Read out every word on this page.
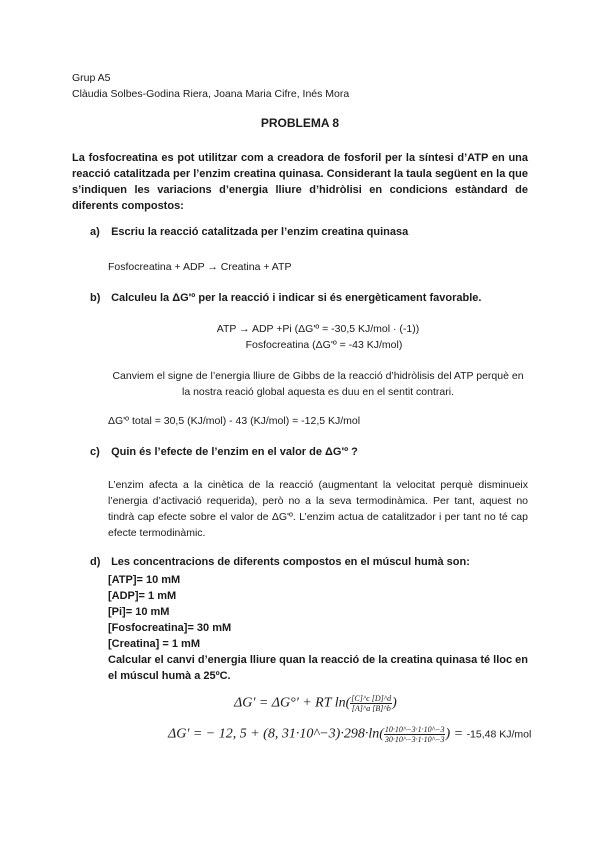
Grup A5
Clàudia Solbes-Godina Riera, Joana Maria Cifre, Inés Mora
PROBLEMA 8
La fosfocreatina es pot utilitzar com a creadora de fosforil per la síntesi d’ATP en una reacció catalitzada per l’enzim creatina quinasa. Considerant la taula següent en la que s’indiquen les variacions d’energia lliure d’hidròlisi en condicions estàndard de diferents compostos:
a) Escriu la reacció catalitzada per l’enzim creatina quinasa
Fosfocreatina + ADP → Creatina + ATP
b) Calculeu la ΔG'º per la reacció i indicar si és energèticament favorable.
ATP → ADP +Pi (ΔG'º = -30,5 KJ/mol · (-1))
Fosfocreatina (ΔG'º = -43 KJ/mol)
Canviem el signe de l’energia lliure de Gibbs de la reacció d’hidròlisis del ATP perquè en la nostra reació global aquesta es duu en el sentit contrari.
ΔG'º total = 30,5 (KJ/mol) - 43 (KJ/mol) = -12,5 KJ/mol
c) Quin és l’efecte de l’enzim en el valor de ΔG'º ?
L’enzim afecta a la cinètica de la reacció (augmentant la velocitat perquè disminueix l’energia d’activació requerida), però no a la seva termodinàmica. Per tant, aquest no tindrà cap efecte sobre el valor de ΔG'º. L’enzim actua de catalitzador i per tant no té cap efecte termodinàmic.
d) Les concentracions de diferents compostos en el múscul humà son:
[ATP]= 10 mM
[ADP]= 1 mM
[Pi]= 10 mM
[Fosfocreatina]= 30 mM
[Creatina] = 1 mM
Calcular el canvi d’energia lliure quan la reacció de la creatina quinasa té lloc en el múscul humà a 25ºC.
ΔG' = ΔG°' + RT $\ln( \frac{[C]\^{}c [D]\^{}d}{[A]\^{}a [B]\^{}b}$ )
ΔG' = − 12, 5 + (8, 31·10^−3)·298·ln( $\frac{10\cdot 10\^{}-3\cdot 1\cdot 10\^{}-3}{30\cdot 10\^{}-3\cdot 1\cdot 10\^{}-3}$ ) = -15,48 KJ/mol
